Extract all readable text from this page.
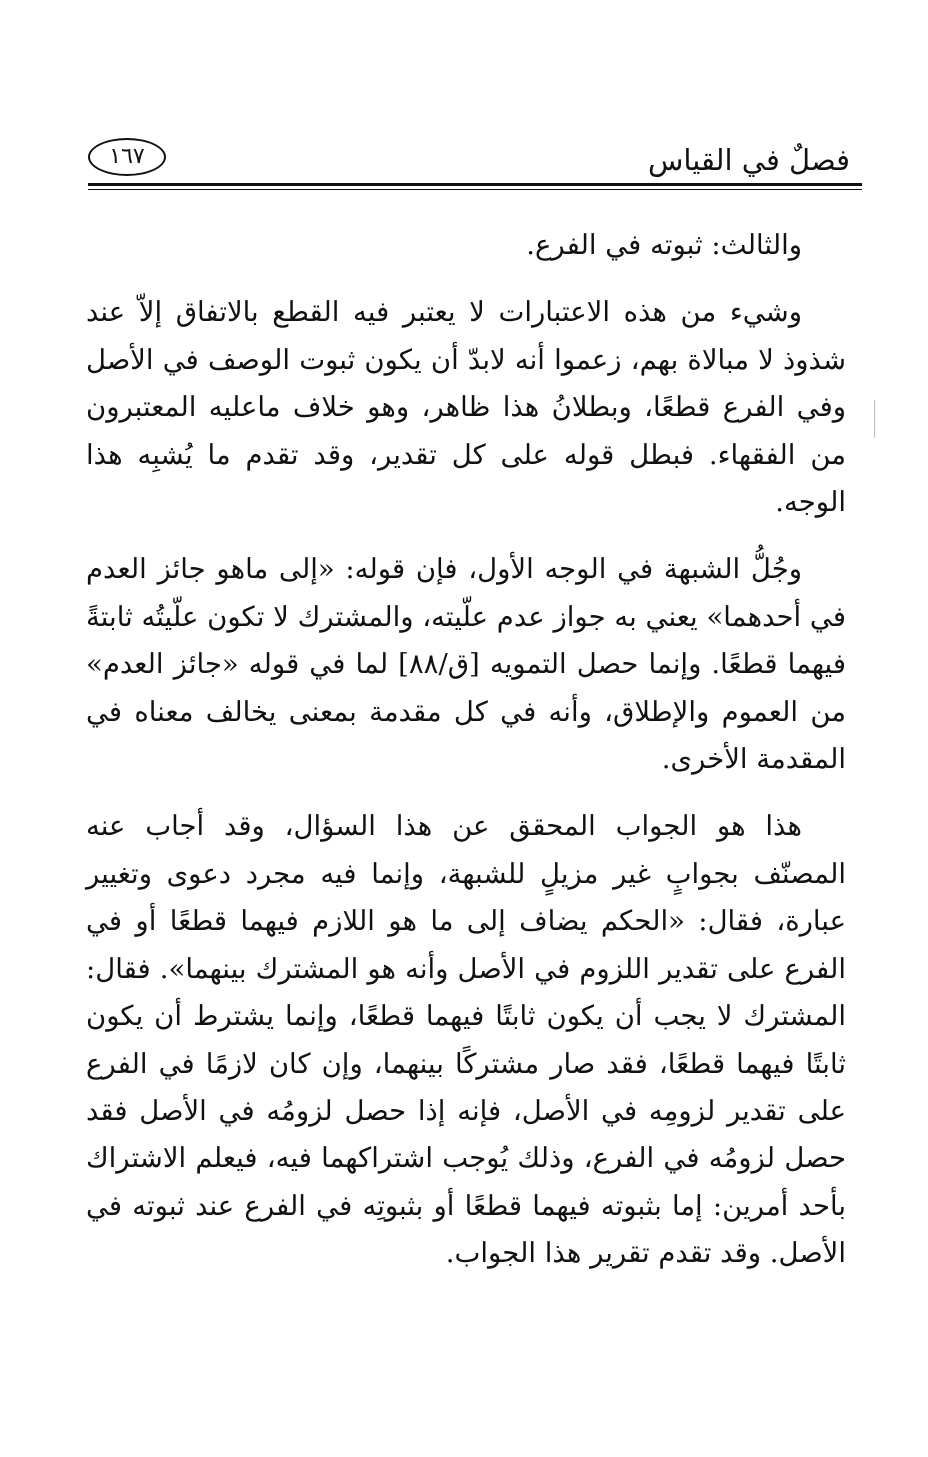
فصلٌ في القياس
١٦٧

والثالث: ثبوته في الفرع.

وشيء من هذه الاعتبارات لا يعتبر فيه القطع بالاتفاق إلاّ عند شذوذ لا مبالاة بهم، زعموا أنه لابدّ أن يكون ثبوت الوصف في الأصل وفي الفرع قطعًا، وبطلانُ هذا ظاهر، وهو خلاف ماعليه المعتبرون من الفقهاء. فبطل قوله على كل تقدير، وقد تقدم ما يُشبِه هذا الوجه.

وجُلُّ الشبهة في الوجه الأول، فإن قوله: «إلى ماهو جائز العدم في أحدهما» يعني به جواز عدم علّيته، والمشترك لا تكون علّيتُه ثابتةً فيهما قطعًا. وإنما حصل التمويه [ق/٨٨] لما في قوله «جائز العدم» من العموم والإطلاق، وأنه في كل مقدمة بمعنى يخالف معناه في المقدمة الأخرى.

هذا هو الجواب المحقق عن هذا السؤال، وقد أجاب عنه المصنّف بجوابٍ غير مزيلٍ للشبهة، وإنما فيه مجرد دعوى وتغيير عبارة، فقال: «الحكم يضاف إلى ما هو اللازم فيهما قطعًا أو في الفرع على تقدير اللزوم في الأصل وأنه هو المشترك بينهما». فقال: المشترك لا يجب أن يكون ثابتًا فيهما قطعًا، وإنما يشترط أن يكون ثابتًا فيهما قطعًا، فقد صار مشتركًا بينهما، وإن كان لازمًا في الفرع على تقدير لزومِه في الأصل، فإنه إذا حصل لزومُه في الأصل فقد حصل لزومُه في الفرع، وذلك يُوجب اشتراكهما فيه، فيعلم الاشتراك بأحد أمرين: إما بثبوته فيهما قطعًا أو بثبوتِه في الفرع عند ثبوته في الأصل. وقد تقدم تقرير هذا الجواب.
